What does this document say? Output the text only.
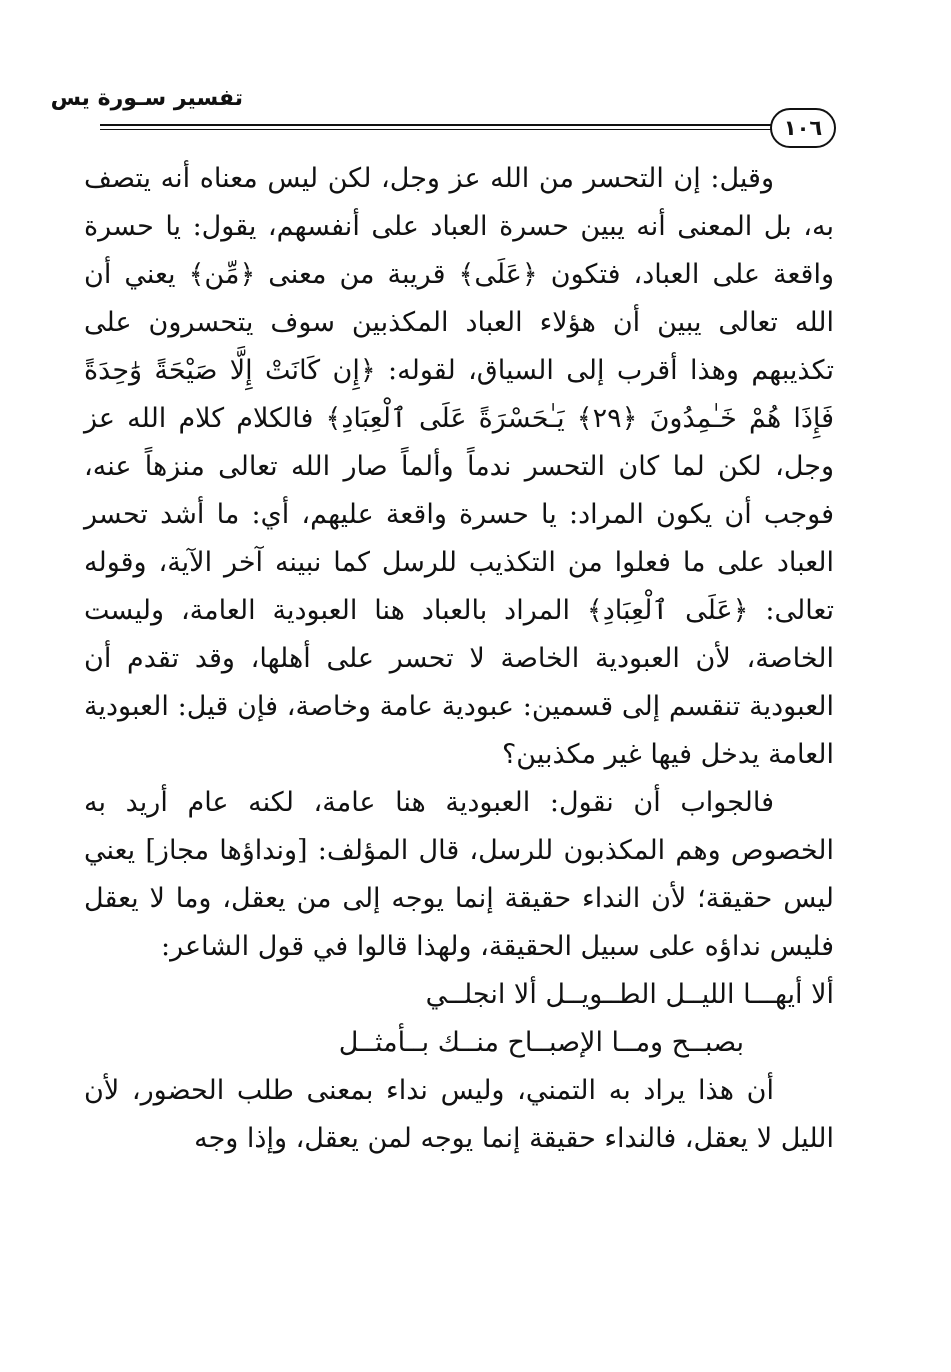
تفسير سـورة يس
١٠٦

وقيل: إن التحسر من الله عز وجل، لكن ليس معناه أنه يتصف به، بل المعنى أنه يبين حسرة العباد على أنفسهم، يقول: يا حسرة واقعة على العباد، فتكون ﴿عَلَى﴾ قريبة من معنى ﴿مِّن﴾ يعني أن الله تعالى يبين أن هؤلاء العباد المكذبين سوف يتحسرون على تكذيبهم وهذا أقرب إلى السياق، لقوله: ﴿إِن كَانَتْ إِلَّا صَيْحَةً وَٰحِدَةً فَإِذَا هُمْ خَـٰمِدُونَ ﴿٢٩﴾ يَـٰحَسْرَةً عَلَى ٱلْعِبَادِ﴾ فالكلام كلام الله عز وجل، لكن لما كان التحسر ندماً وألماً صار الله تعالى منزهاً عنه، فوجب أن يكون المراد: يا حسرة واقعة عليهم، أي: ما أشد تحسر العباد على ما فعلوا من التكذيب للرسل كما نبينه آخر الآية، وقوله تعالى: ﴿عَلَى ٱلْعِبَادِ﴾ المراد بالعباد هنا العبودية العامة، وليست الخاصة، لأن العبودية الخاصة لا تحسر على أهلها، وقد تقدم أن العبودية تنقسم إلى قسمين: عبودية عامة وخاصة، فإن قيل: العبودية العامة يدخل فيها غير مكذبين؟

فالجواب أن نقول: العبودية هنا عامة، لكنه عام أريد به الخصوص وهم المكذبون للرسل، قال المؤلف: [ونداؤها مجاز] يعني ليس حقيقة؛ لأن النداء حقيقة إنما يوجه إلى من يعقل، وما لا يعقل فليس نداؤه على سبيل الحقيقة، ولهذا قالوا في قول الشاعر:

ألا أيهـــا الليــل الطــويــل ألا انجلــي

بصبــح ومــا الإصبــاح منــك بــأمثــل

أن هذا يراد به التمني، وليس نداء بمعنى طلب الحضور، لأن الليل لا يعقل، فالنداء حقيقة إنما يوجه لمن يعقل، وإذا وجه
